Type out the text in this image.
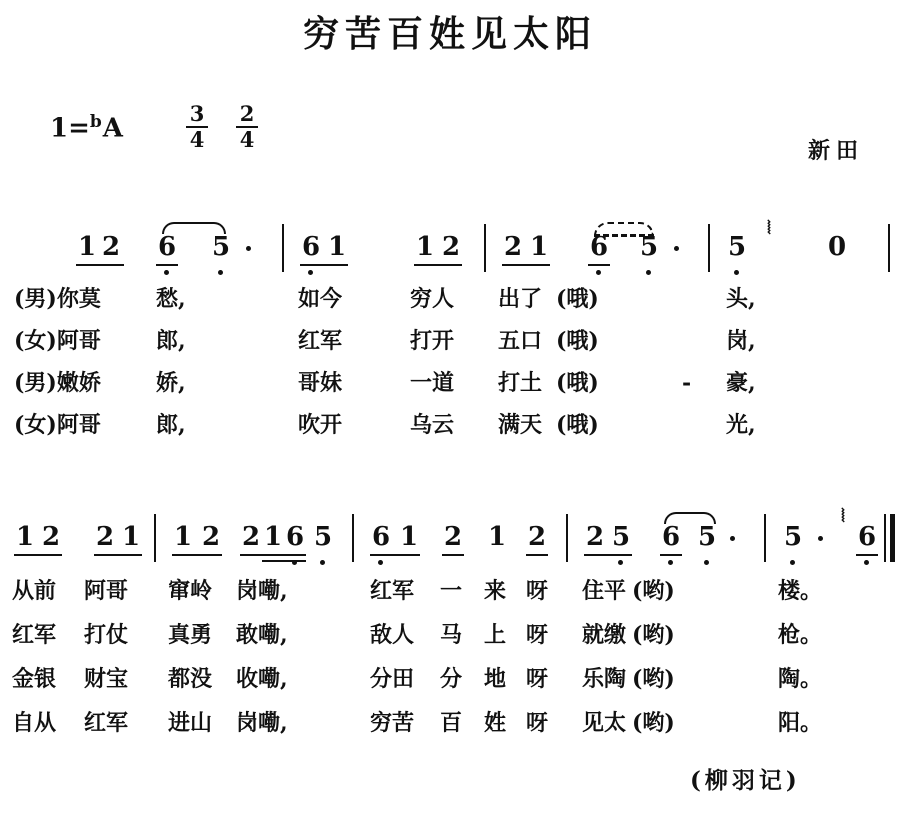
穷苦百姓见太阳
1=$^b$A
3
4
2
4	新田
1 2 6 5	6 1	1 2 2 1 6 5	5	0
⦚
(男)你莫	愁,	如今	穷人 出了 (哦)	头,
(女)阿哥	郎,	红军	打开 五口 (哦)	岗,
(男)嫩娇	娇,	哥妹	一道 打土 (哦)	- 豪,
(女)阿哥	郎,	吹开	乌云 满天 (哦)	光,
1 2 2 1 1 2 2 1 6 5 6 1 2 1 2 2 5 6 5	5 6
⦚
从前 阿哥 窜岭 岗嘞,	红军 一 来 呀 住平 (哟)	楼。
红军 打仗 真勇 敢嘞,	敌人 马 上 呀 就缴 (哟)	枪。
金银 财宝 都没 收嘞,	分田 分 地 呀 乐陶 (哟)	陶。
自从 红军 进山 岗嘞,	穷苦 百 姓 呀 见太 (哟)	阳。
(柳羽记)
